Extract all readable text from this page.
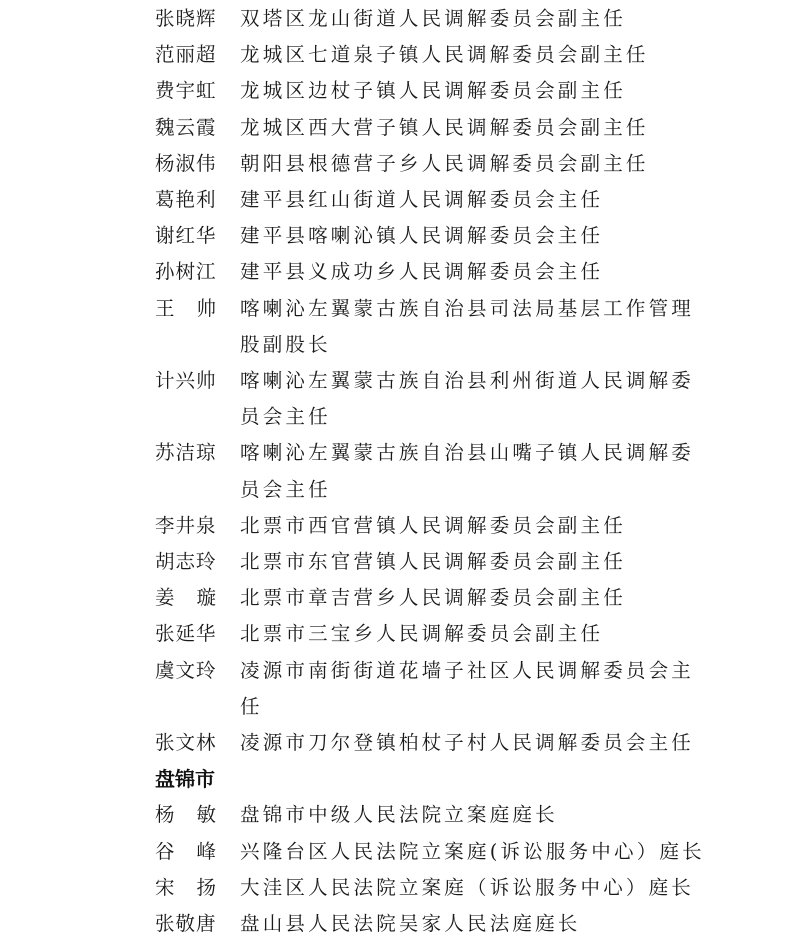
张晓辉	双塔区龙山街道人民调解委员会副主任
范丽超	龙城区七道泉子镇人民调解委员会副主任
费宇虹	龙城区边杖子镇人民调解委员会副主任
魏云霞	龙城区西大营子镇人民调解委员会副主任
杨淑伟	朝阳县根德营子乡人民调解委员会副主任
葛艳利	建平县红山街道人民调解委员会主任
谢红华	建平县喀喇沁镇人民调解委员会主任
孙树江	建平县义成功乡人民调解委员会主任
王 帅 喀喇沁左翼蒙古族自治县司法局基层工作管理股副股长
计兴帅	喀喇沁左翼蒙古族自治县利州街道人民调解委员会主任
苏洁琼	喀喇沁左翼蒙古族自治县山嘴子镇人民调解委员会主任
李井泉	北票市西官营镇人民调解委员会副主任
胡志玲	北票市东官营镇人民调解委员会副主任
姜 璇 北票市章吉营乡人民调解委员会副主任
张延华	北票市三宝乡人民调解委员会副主任
虞文玲	凌源市南街街道花墙子社区人民调解委员会主任
张文林	凌源市刀尔登镇柏杖子村人民调解委员会主任
盘锦市
杨 敏 盘锦市中级人民法院立案庭庭长
谷 峰 兴隆台区人民法院立案庭(诉讼服务中心）庭长
宋 扬 大洼区人民法院立案庭（诉讼服务中心）庭长
张敬唐	盘山县人民法院吴家人民法庭庭长
